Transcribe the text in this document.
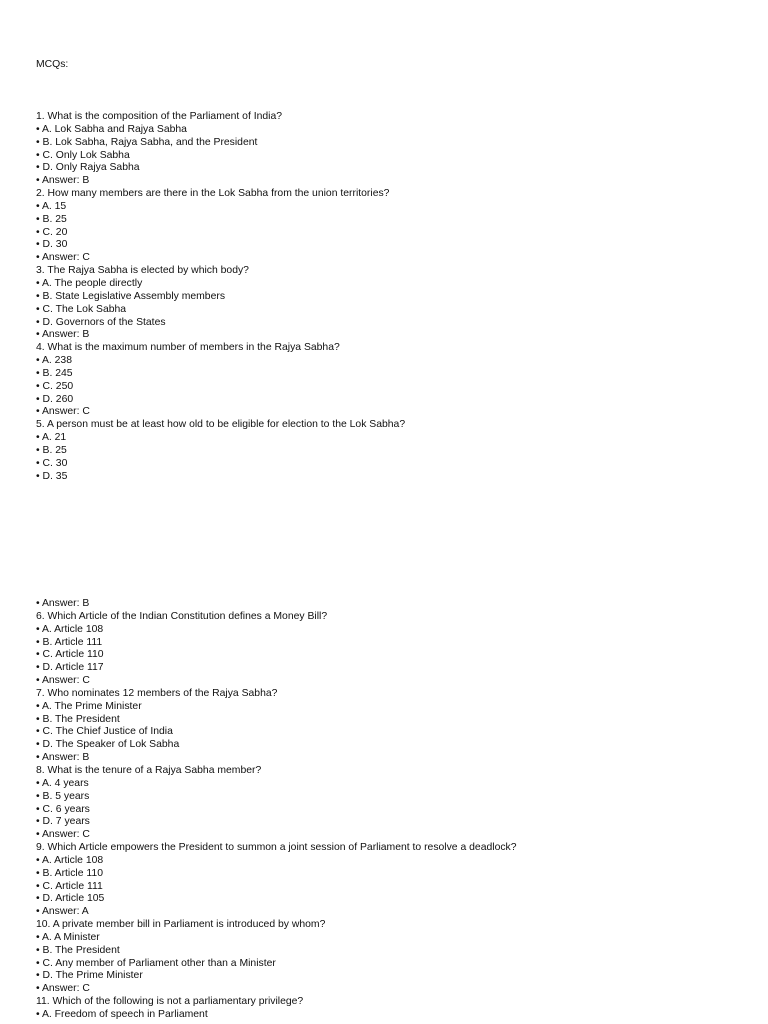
MCQs:
1. What is the composition of the Parliament of India?
• A. Lok Sabha and Rajya Sabha
• B. Lok Sabha, Rajya Sabha, and the President
• C. Only Lok Sabha
• D. Only Rajya Sabha
• Answer: B
2. How many members are there in the Lok Sabha from the union territories?
• A. 15
• B. 25
• C. 20
• D. 30
• Answer: C
3. The Rajya Sabha is elected by which body?
• A. The people directly
• B. State Legislative Assembly members
• C. The Lok Sabha
• D. Governors of the States
• Answer: B
4. What is the maximum number of members in the Rajya Sabha?
• A. 238
• B. 245
• C. 250
• D. 260
• Answer: C
5. A person must be at least how old to be eligible for election to the Lok Sabha?
• A. 21
• B. 25
• C. 30
• D. 35
• Answer: B
6. Which Article of the Indian Constitution defines a Money Bill?
• A. Article 108
• B. Article 111
• C. Article 110
• D. Article 117
• Answer: C
7. Who nominates 12 members of the Rajya Sabha?
• A. The Prime Minister
• B. The President
• C. The Chief Justice of India
• D. The Speaker of Lok Sabha
• Answer: B
8. What is the tenure of a Rajya Sabha member?
• A. 4 years
• B. 5 years
• C. 6 years
• D. 7 years
• Answer: C
9. Which Article empowers the President to summon a joint session of Parliament to resolve a deadlock?
• A. Article 108
• B. Article 110
• C. Article 111
• D. Article 105
• Answer: A
10. A private member bill in Parliament is introduced by whom?
• A. A Minister
• B. The President
• C. Any member of Parliament other than a Minister
• D. The Prime Minister
• Answer: C
11. Which of the following is not a parliamentary privilege?
• A. Freedom of speech in Parliament
